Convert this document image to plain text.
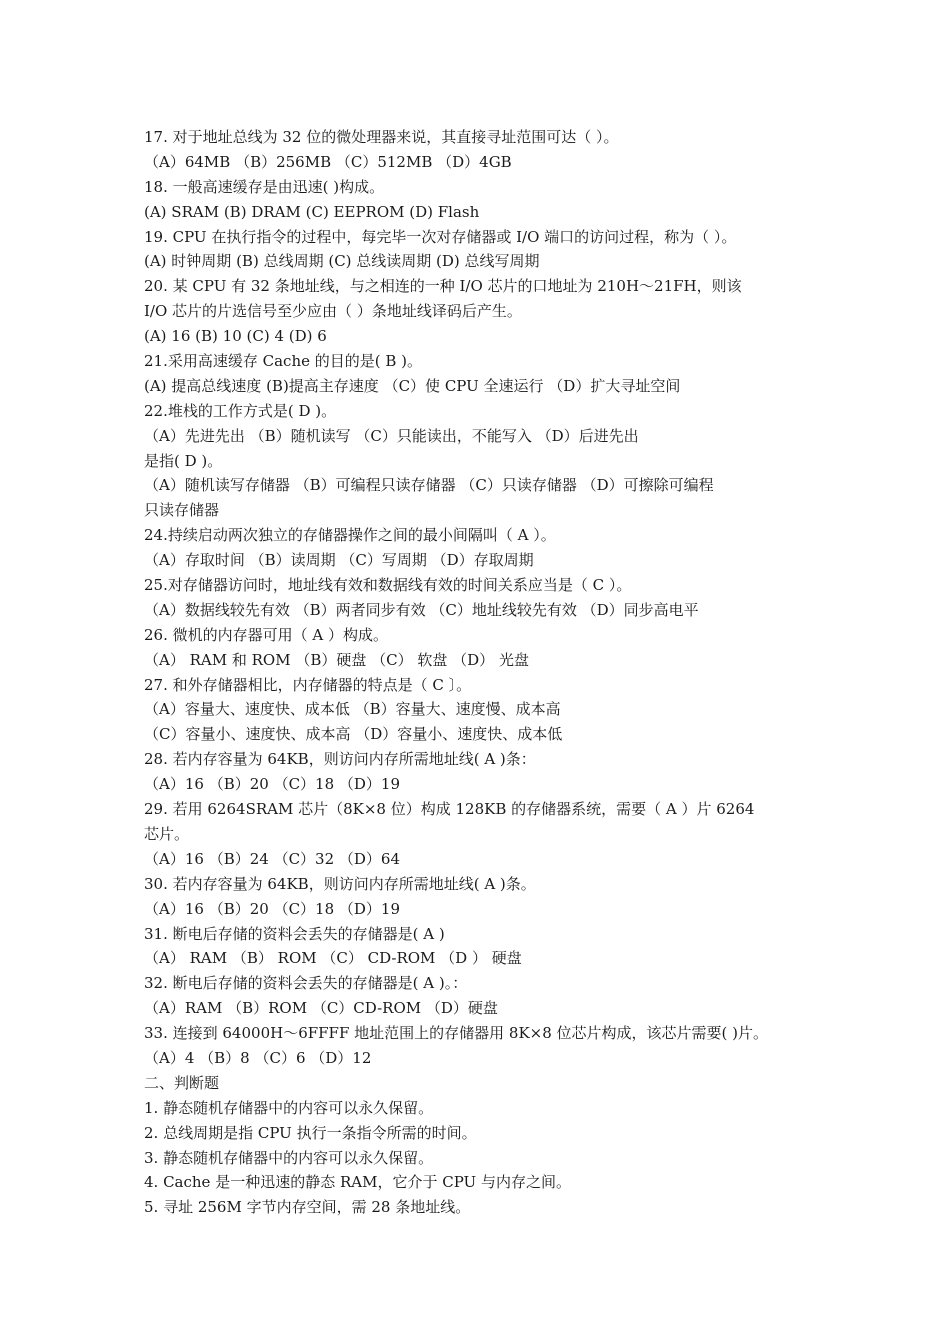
17. 对于地址总线为 32 位的微处理器来说，其直接寻址范围可达（ ）。
（A）64MB （B）256MB （C）512MB （D）4GB
18. 一般高速缓存是由迅速( )构成。
(A) SRAM (B) DRAM (C) EEPROM (D) Flash
19. CPU 在执行指令的过程中，每完毕一次对存储器或 I/O 端口的访问过程，称为（ ）。
(A) 时钟周期 (B) 总线周期 (C) 总线读周期 (D) 总线写周期
20. 某 CPU 有 32 条地址线，与之相连的一种 I/O 芯片的口地址为 210H～21FH，则该
I/O 芯片的片选信号至少应由（ ）条地址线译码后产生。
(A) 16 (B) 10 (C) 4 (D) 6
21.采用高速缓存 Cache 的目的是( B )。
(A) 提高总线速度 (B)提高主存速度 （C）使 CPU 全速运行 （D）扩大寻址空间
22.堆栈的工作方式是( D )。
（A）先进先出 （B）随机读写 （C）只能读出，不能写入 （D）后进先出
是指( D )。
（A）随机读写存储器 （B）可编程只读存储器 （C）只读存储器 （D）可擦除可编程
只读存储器
24.持续启动两次独立的存储器操作之间的最小间隔叫（ A ）。
（A）存取时间 （B）读周期 （C）写周期 （D）存取周期
25.对存储器访问时，地址线有效和数据线有效的时间关系应当是（ C ）。
（A）数据线较先有效 （B）两者同步有效 （C）地址线较先有效 （D）同步高电平
26. 微机的内存器可用（ A ）构成。
（A） RAM 和 ROM （B）硬盘 （C） 软盘 （D） 光盘
27. 和外存储器相比，内存储器的特点是（ C 〕。
（A）容量大、速度快、成本低 （B）容量大、速度慢、成本高
（C）容量小、速度快、成本高 （D）容量小、速度快、成本低
28. 若内存容量为 64KB，则访问内存所需地址线( A )条：
（A）16 （B）20 （C）18 （D）19
29. 若用 6264SRAM 芯片（8K×8 位）构成 128KB 的存储器系统，需要（ A ）片 6264
芯片。
（A）16 （B）24 （C）32 （D）64
30. 若内存容量为 64KB，则访问内存所需地址线( A )条。
（A）16 （B）20 （C）18 （D）19
31. 断电后存储的资料会丢失的存储器是( A )
（A） RAM （B） ROM （C） CD-ROM （D ） 硬盘
32. 断电后存储的资料会丢失的存储器是( A )。：
（A）RAM （B）ROM （C）CD-ROM （D）硬盘
33. 连接到 64000H～6FFFF 地址范围上的存储器用 8K×8 位芯片构成，该芯片需要( )片。
（A）4 （B）8 （C）6 （D）12
二、判断题
1. 静态随机存储器中的内容可以永久保留。
2. 总线周期是指 CPU 执行一条指令所需的时间。
3. 静态随机存储器中的内容可以永久保留。
4. Cache 是一种迅速的静态 RAM，它介于 CPU 与内存之间。
5. 寻址 256M 字节内存空间，需 28 条地址线。
